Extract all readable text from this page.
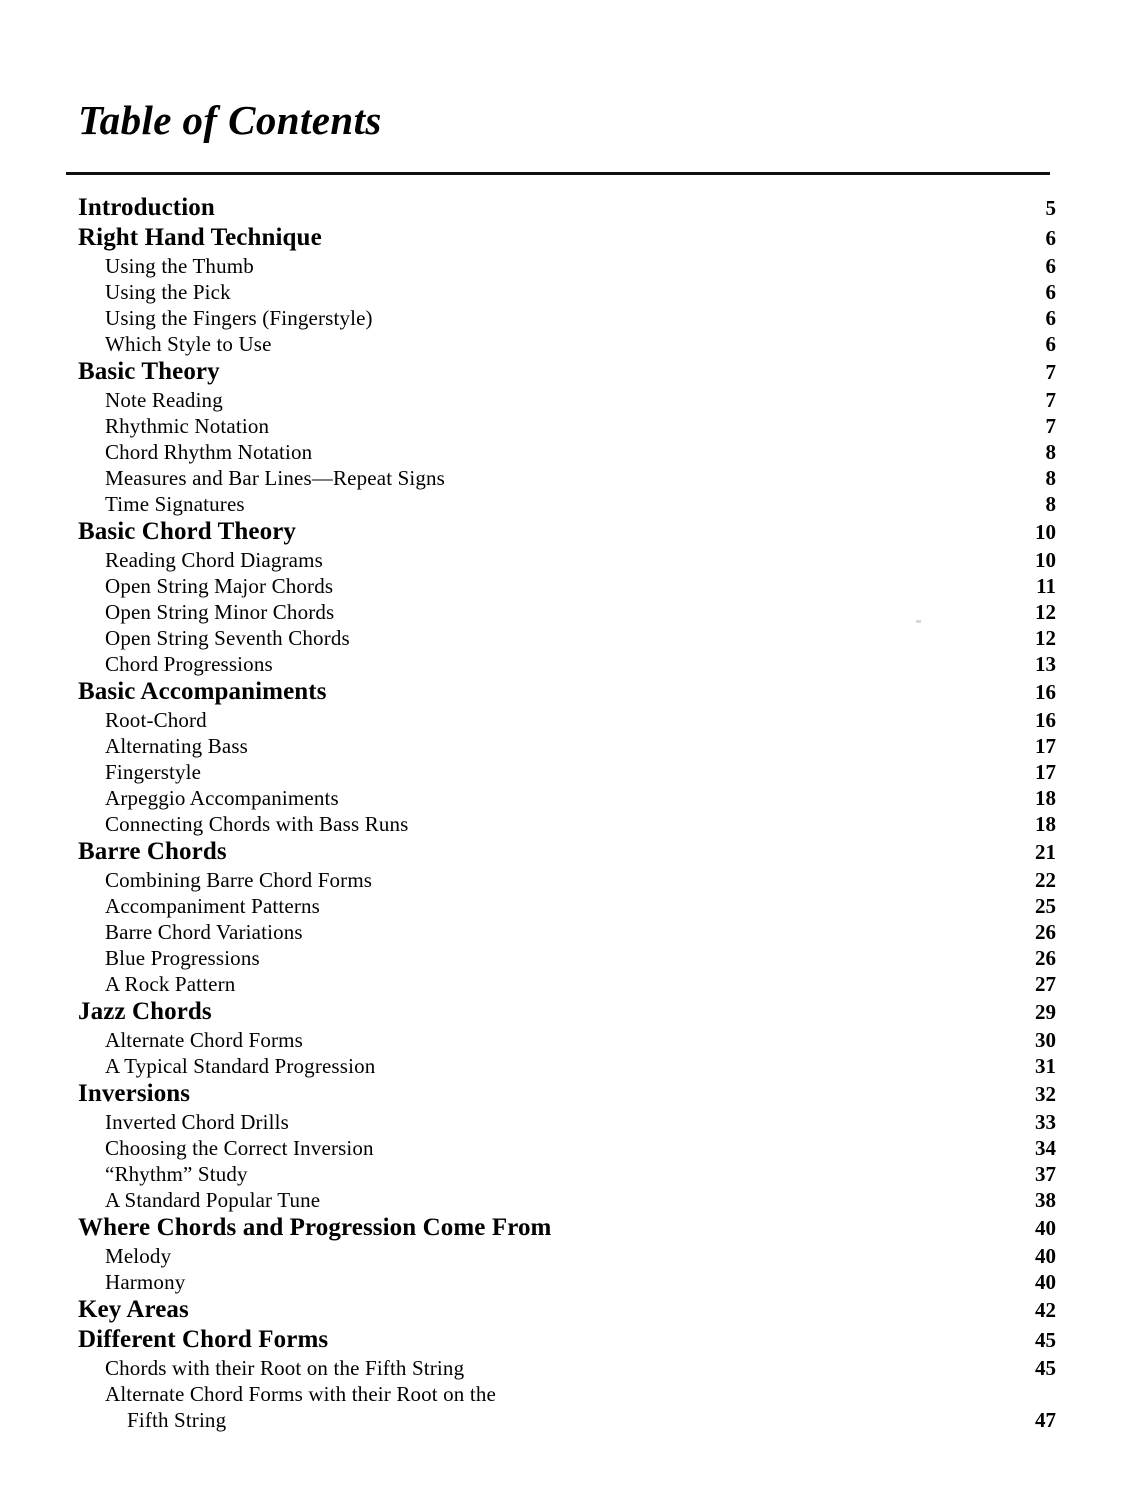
Table of Contents
Introduction	5
Right Hand Technique	6
Using the Thumb	6
Using the Pick	6
Using the Fingers (Fingerstyle)	6
Which Style to Use	6
Basic Theory	7
Note Reading	7
Rhythmic Notation	7
Chord Rhythm Notation	8
Measures and Bar Lines—Repeat Signs	8
Time Signatures	8
Basic Chord Theory	10
Reading Chord Diagrams	10
Open String Major Chords	11
Open String Minor Chords	12
Open String Seventh Chords	12
Chord Progressions	13
Basic Accompaniments	16
Root-Chord	16
Alternating Bass	17
Fingerstyle	17
Arpeggio Accompaniments	18
Connecting Chords with Bass Runs	18
Barre Chords	21
Combining Barre Chord Forms	22
Accompaniment Patterns	25
Barre Chord Variations	26
Blue Progressions	26
A Rock Pattern	27
Jazz Chords	29
Alternate Chord Forms	30
A Typical Standard Progression	31
Inversions	32
Inverted Chord Drills	33
Choosing the Correct Inversion	34
“Rhythm” Study	37
A Standard Popular Tune	38
Where Chords and Progression Come From	40
Melody	40
Harmony	40
Key Areas	42
Different Chord Forms	45
Chords with their Root on the Fifth String	45
Alternate Chord Forms with their Root on the
Fifth String	47
